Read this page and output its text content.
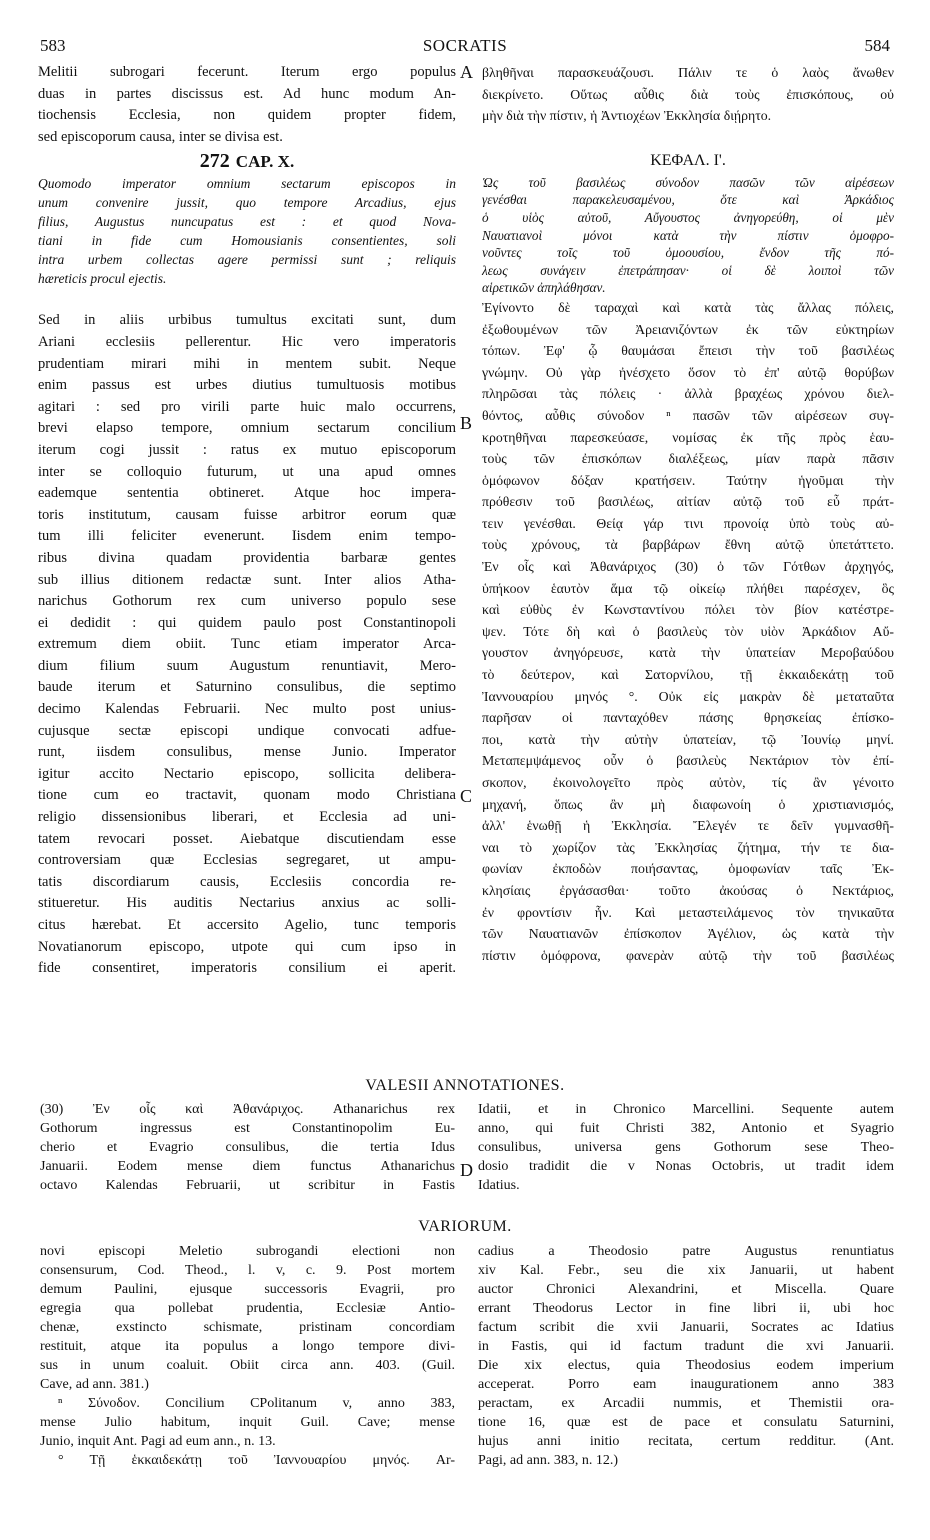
583	SOCRATIS	584
Melitii subrogari fecerunt. Iterum ergo populus
duas in partes discissus est. Ad hunc modum An-
tiochensis Ecclesia, non quidem propter fidem,
sed episcoporum causa, inter se divisa est.
272 CAP. X.
Quomodo imperator omnium sectarum episcopos in
unum convenire jussit, quo tempore Arcadius, ejus
filius, Augustus nuncupatus est : et quod Nova-
tiani in fide cum Homousianis consentientes, soli
intra urbem collectas agere permissi sunt ; reliquis
hæreticis procul ejectis.
Sed in aliis urbibus tumultus excitati sunt, dum
Ariani ecclesiis pellerentur. Hic vero imperatoris
prudentiam mirari mihi in mentem subit. Neque
enim passus est urbes diutius tumultuosis motibus
agitari : sed pro virili parte huic malo occurrens,
brevi elapso tempore, omnium sectarum concilium
iterum cogi jussit : ratus ex mutuo episcoporum
inter se colloquio futurum, ut una apud omnes
eademque sententia obtineret. Atque hoc impera-
toris institutum, causam fuisse arbitror eorum quæ
tum illi feliciter evenerunt. Iisdem enim tempo-
ribus divina quadam providentia barbaræ gentes
sub illius ditionem redactæ sunt. Inter alios Atha-
narichus Gothorum rex cum universo populo sese
ei dedidit : qui quidem paulo post Constantinopoli
extremum diem obiit. Tunc etiam imperator Arca-
dium filium suum Augustum renuntiavit, Mero-
baude iterum et Saturnino consulibus, die septimo
decimo Kalendas Februarii. Nec multo post unius-
cujusque sectæ episcopi undique convocati adfue-
runt, iisdem consulibus, mense Junio. Imperator
igitur accito Nectario episcopo, sollicita delibera-
tione cum eo tractavit, quonam modo Christiana
religio dissensionibus liberari, et Ecclesia ad uni-
tatem revocari posset. Aiebatque discutiendam esse
controversiam quæ Ecclesias segregaret, ut ampu-
tatis discordiarum causis, Ecclesiis concordia re-
stitueretur. His auditis Nectarius anxius ac solli-
citus hærebat. Et accersito Agelio, tunc temporis
Novatianorum episcopo, utpote qui cum ipso in
fide consentiret, imperatoris consilium ei aperit.
A
B
C
D
βληθῆναι παρασκευάζουσι. Πάλιν τε ὁ λαὸς ἄνωθεν
διεκρίνετο. Οὕτως αὖθις διὰ τοὺς ἐπισκόπους, οὐ
μὴν διὰ τὴν πίστιν, ἡ Ἀντιοχέων Ἐκκλησία διῄρητο.
ΚΕΦΑΛ. Ι'.
Ὡς τοῦ βασιλέως σύνοδον πασῶν τῶν αἱρέσεων
γενέσθαι παρακελευσαμένου, ὅτε καὶ Ἀρκάδιος
ὁ υἱὸς αὐτοῦ, Αὔγουστος ἀνηγορεύθη, οἱ μὲν
Ναυατιανοὶ μόνοι κατὰ τὴν πίστιν ὁμοφρο-
νοῦντες τοῖς τοῦ ὁμοουσίου, ἔνδον τῆς πό-
λεως συνάγειν ἐπετράπησαν· οἱ δὲ λοιποὶ τῶν
αἱρετικῶν ἀπηλάθησαν.
Ἐγίνοντο δὲ ταραχαὶ καὶ κατὰ τὰς ἄλλας πόλεις,
ἐξωθουμένων τῶν Ἀρειανιζόντων ἐκ τῶν εὐκτηρίων
τόπων. Ἐφ' ᾧ θαυμάσαι ἔπεισι τὴν τοῦ βασιλέως
γνώμην. Οὐ γὰρ ἠνέσχετο ὅσον τὸ ἐπ' αὐτῷ θορύβων
πληρῶσαι τὰς πόλεις · ἀλλὰ βραχέως χρόνου διελ-
θόντος, αὖθις σύνοδον ⁿ πασῶν τῶν αἱρέσεων συγ-
κροτηθῆναι παρεσκεύασε, νομίσας ἐκ τῆς πρὸς ἑαυ-
τοὺς τῶν ἐπισκόπων διαλέξεως, μίαν παρὰ πᾶσιν
ὁμόφωνον δόξαν κρατήσειν. Ταύτην ἡγοῦμαι τὴν
πρόθεσιν τοῦ βασιλέως, αἰτίαν αὐτῷ τοῦ εὖ πράτ-
τειν γενέσθαι. Θείᾳ γάρ τινι προνοίᾳ ὑπὸ τοὺς αὐ-
τοὺς χρόνους, τὰ βαρβάρων ἔθνη αὐτῷ ὑπετάττετο.
Ἐν οἷς καὶ Ἀθανάριχος (30) ὁ τῶν Γότθων ἀρχηγός,
ὑπήκοον ἑαυτὸν ἅμα τῷ οἰκείῳ πλήθει παρέσχεν, ὃς
καὶ εὐθὺς ἐν Κωνσταντίνου πόλει τὸν βίον κατέστρε-
ψεν. Τότε δὴ καὶ ὁ βασιλεὺς τὸν υἱὸν Ἀρκάδιον Αὔ-
γουστον ἀνηγόρευσε, κατὰ τὴν ὑπατείαν Μεροβαύδου
τὸ δεύτερον, καὶ Σατορνίλου, τῇ ἑκκαιδεκάτῃ τοῦ
Ἰαννουαρίου μηνός °. Οὐκ εἰς μακρὰν δὲ μεταταῦτα
παρῆσαν οἱ πανταχόθεν πάσης θρησκείας ἐπίσκο-
ποι, κατὰ τὴν αὐτὴν ὑπατείαν, τῷ Ἰουνίῳ μηνί.
Μεταπεμψάμενος οὖν ὁ βασιλεὺς Νεκτάριον τὸν ἐπί-
σκοπον, ἐκοινολογεῖτο πρὸς αὐτὸν, τίς ἂν γένοιτο
μηχανή, ὅπως ἂν μὴ διαφωνοίη ὁ χριστιανισμός,
ἀλλ' ἑνωθῇ ἡ Ἐκκλησία. Ἔλεγέν τε δεῖν γυμνασθῆ-
ναι τὸ χωρίζον τὰς Ἐκκλησίας ζήτημα, τήν τε δια-
φωνίαν ἐκποδὼν ποιήσαντας, ὁμοφωνίαν ταῖς Ἐκ-
κλησίαις ἐργάσασθαι· τοῦτο ἀκούσας ὁ Νεκτάριος,
ἐν φροντίσιν ἦν. Καὶ μεταστειλάμενος τὸν τηνικαῦτα
τῶν Ναυατιανῶν ἐπίσκοπον Ἀγέλιον, ὡς κατὰ τὴν
πίστιν ὁμόφρονα, φανερὰν αὐτῷ τὴν τοῦ βασιλέως
VALESII ANNOTATIONES.
(30) Ἐν οἷς καὶ Ἀθανάριχος. Athanarichus rex
Gothorum ingressus est Constantinopolim Eu-
cherio et Evagrio consulibus, die tertia Idus
Januarii. Eodem mense diem functus Athanarichus
octavo Kalendas Februarii, ut scribitur in Fastis
Idatii, et in Chronico Marcellini. Sequente autem
anno, qui fuit Christi 382, Antonio et Syagrio
consulibus, universa gens Gothorum sese Theo-
dosio tradidit die v Nonas Octobris, ut tradit idem
Idatius.
VARIORUM.
novi episcopi Meletio subrogandi electioni non
consensurum, Cod. Theod., l. v, c. 9. Post mortem
demum Paulini, ejusque successoris Evagrii, pro
egregia qua pollebat prudentia, Ecclesiæ Antio-
chenæ, exstincto schismate, pristinam concordiam
restituit, atque ita populus a longo tempore divi-
sus in unum coaluit. Obiit circa ann. 403. (Guil.
Cave, ad ann. 381.)
ⁿ Σύνοδον. Concilium CPolitanum v, anno 383,
mense Julio habitum, inquit Guil. Cave; mense
Junio, inquit Ant. Pagi ad eum ann., n. 13.
° Τῇ ἑκκαιδεκάτῃ τοῦ Ἰαννουαρίου μηνός. Ar-
cadius a Theodosio patre Augustus renuntiatus
xiv Kal. Febr., seu die xix Januarii, ut habent
auctor Chronici Alexandrini, et Miscella. Quare
errant Theodorus Lector in fine libri ii, ubi hoc
factum scribit die xvii Januarii, Socrates ac Idatius
in Fastis, qui id factum tradunt die xvi Januarii.
Die xix electus, quia Theodosius eodem imperium
acceperat. Porro eam inaugurationem anno 383
peractam, ex Arcadii nummis, et Themistii ora-
tione 16, quæ est de pace et consulatu Saturnini,
hujus anni initio recitata, certum redditur. (Ant.
Pagi, ad ann. 383, n. 12.)
